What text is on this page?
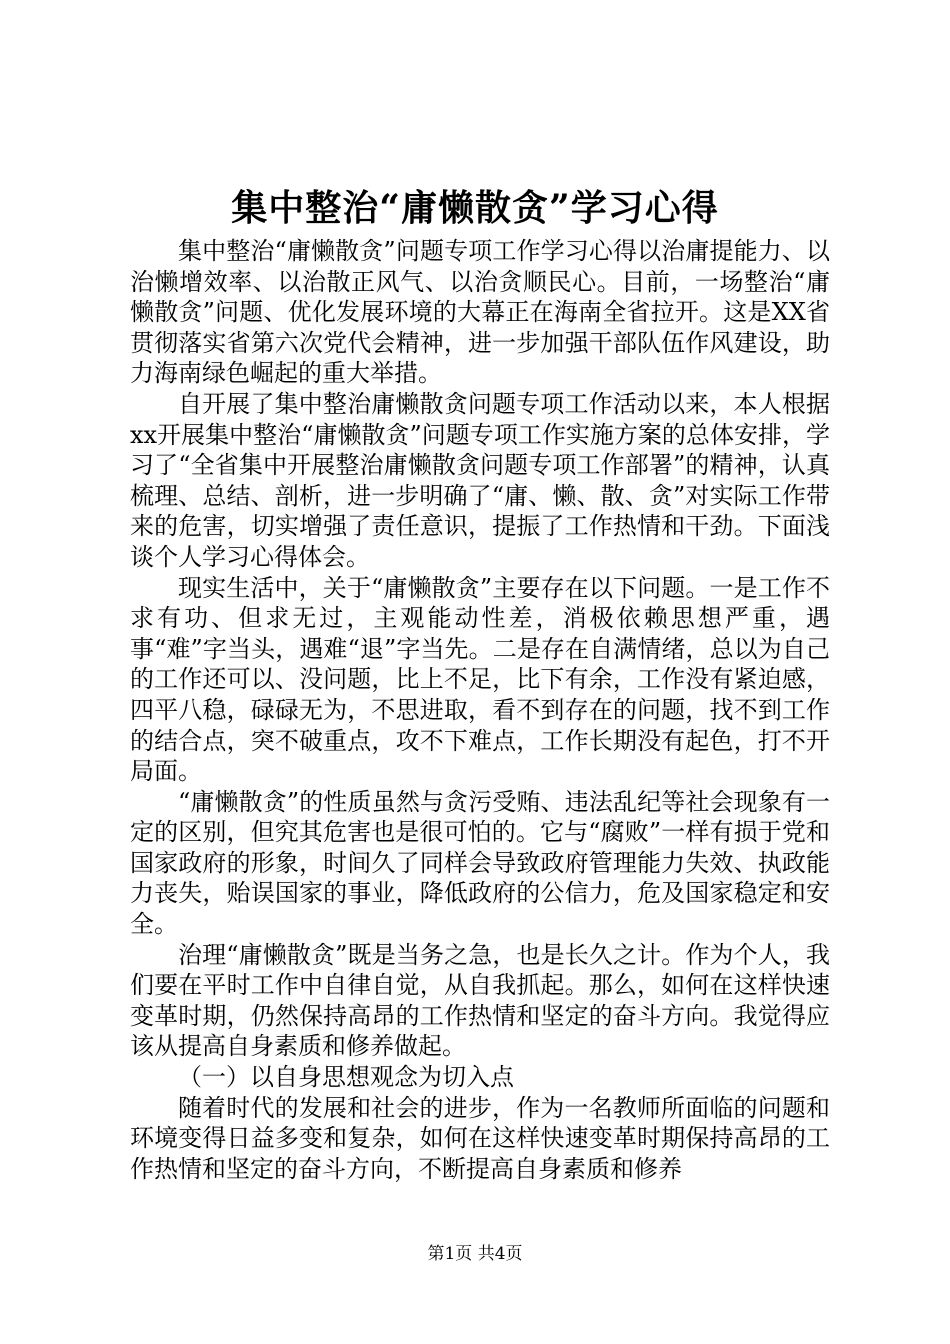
集中整治“庸懒散贪”学习心得

集中整治“庸懒散贪”问题专项工作学习心得以治庸提能力、以治懒增效率、以治散正风气、以治贪顺民心。目前，一场整治“庸懒散贪”问题、优化发展环境的大幕正在海南全省拉开。这是XX省贯彻落实省第六次党代会精神，进一步加强干部队伍作风建设，助力海南绿色崛起的重大举措。

自开展了集中整治庸懒散贪问题专项工作活动以来，本人根据xx开展集中整治“庸懒散贪”问题专项工作实施方案的总体安排，学习了“全省集中开展整治庸懒散贪问题专项工作部署”的精神，认真梳理、总结、剖析，进一步明确了“庸、懒、散、贪”对实际工作带来的危害，切实增强了责任意识，提振了工作热情和干劲。下面浅谈个人学习心得体会。

现实生活中，关于“庸懒散贪”主要存在以下问题。一是工作不求有功、但求无过，主观能动性差，消极依赖思想严重，遇事“难”字当头，遇难“退”字当先。二是存在自满情绪，总以为自己的工作还可以、没问题，比上不足，比下有余，工作没有紧迫感，四平八稳，碌碌无为，不思进取，看不到存在的问题，找不到工作的结合点，突不破重点，攻不下难点，工作长期没有起色，打不开局面。

“庸懒散贪”的性质虽然与贪污受贿、违法乱纪等社会现象有一定的区别，但究其危害也是很可怕的。它与“腐败”一样有损于党和国家政府的形象，时间久了同样会导致政府管理能力失效、执政能力丧失，贻误国家的事业，降低政府的公信力，危及国家稳定和安全。

治理“庸懒散贪”既是当务之急，也是长久之计。作为个人，我们要在平时工作中自律自觉，从自我抓起。那么，如何在这样快速变革时期，仍然保持高昂的工作热情和坚定的奋斗方向。我觉得应该从提高自身素质和修养做起。

（一）以自身思想观念为切入点

随着时代的发展和社会的进步，作为一名教师所面临的问题和环境变得日益多变和复杂，如何在这样快速变革时期保持高昂的工作热情和坚定的奋斗方向，不断提高自身素质和修养

第1页 共4页
